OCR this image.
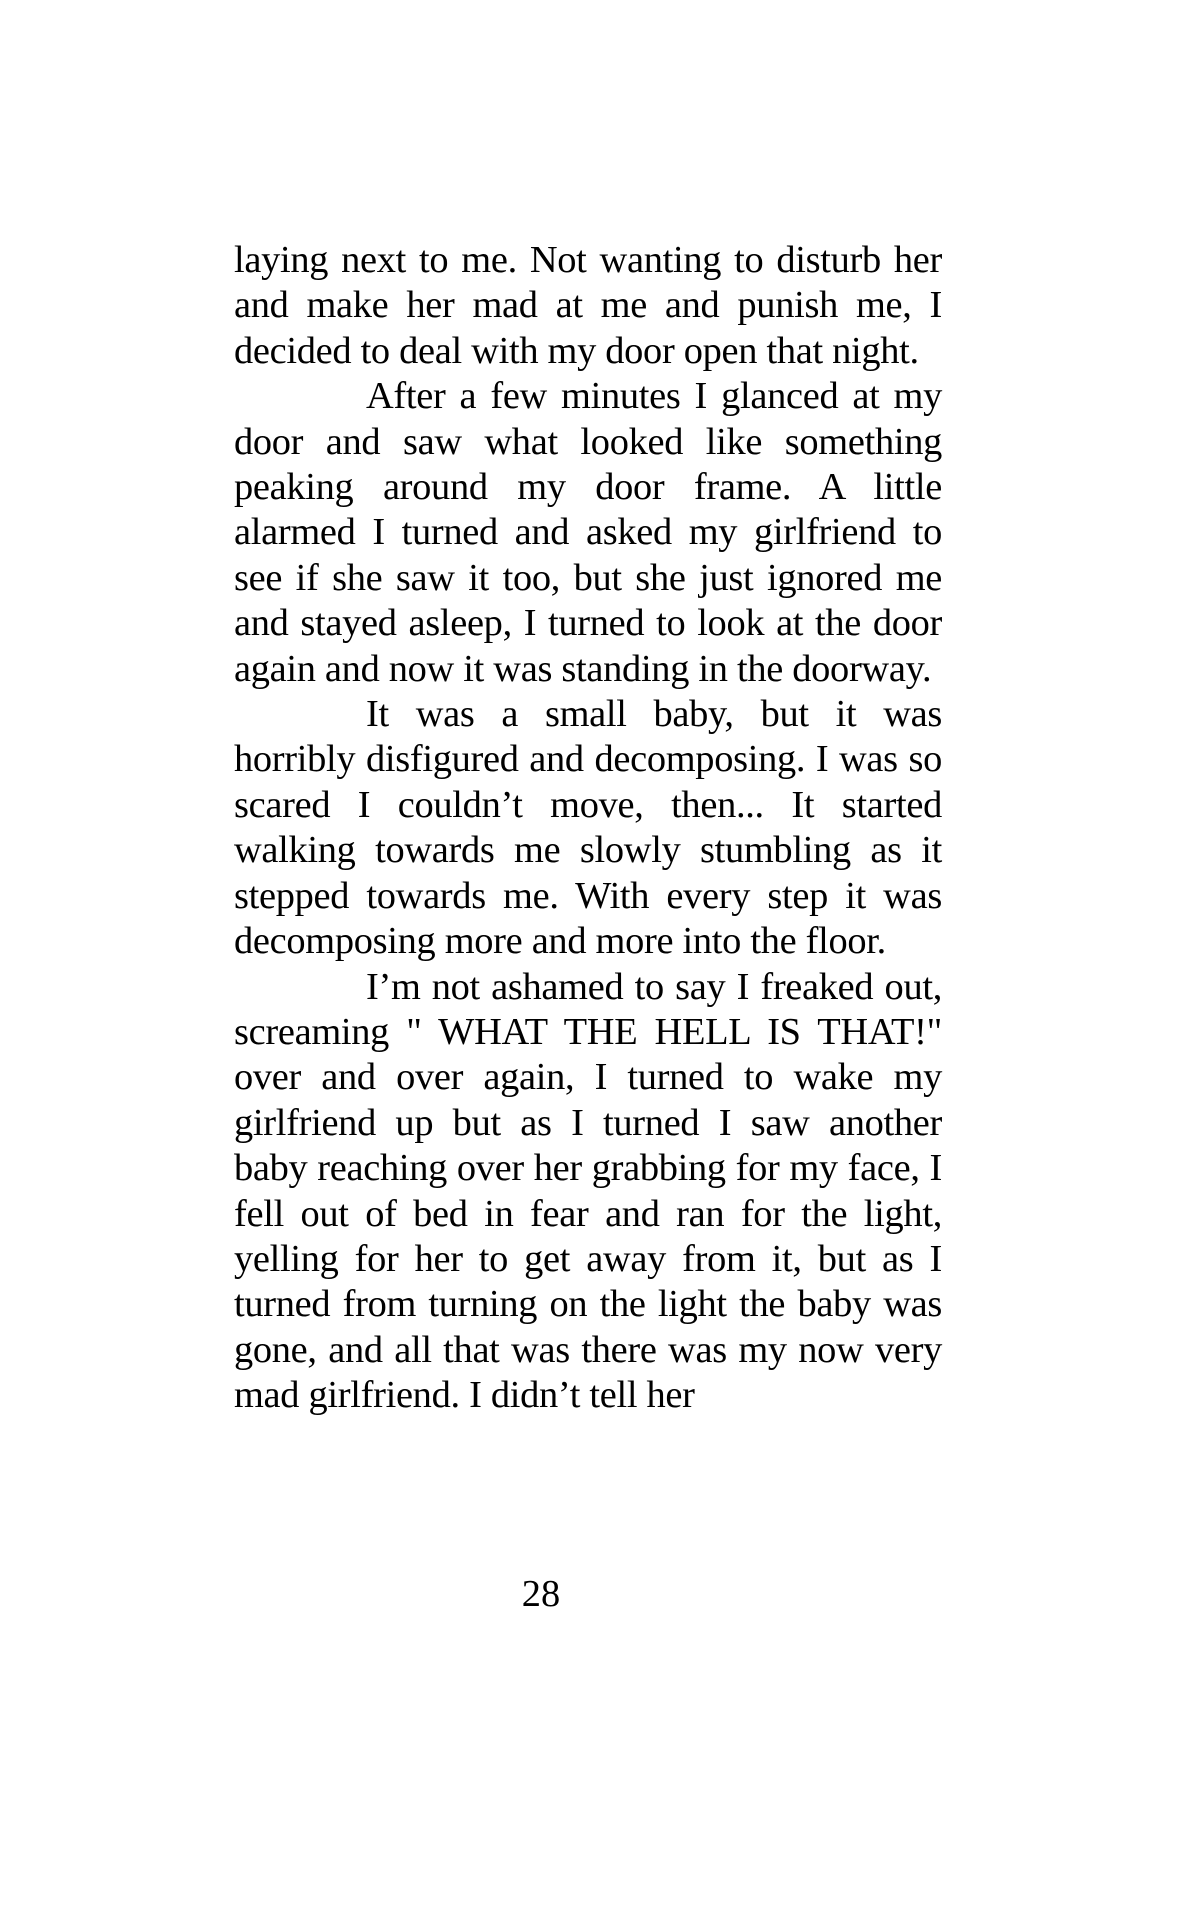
laying next to me. Not wanting to disturb her and make her mad at me and punish me, I decided to deal with my door open that night.

After a few minutes I glanced at my door and saw what looked like something peaking around my door frame. A little alarmed I turned and asked my girlfriend to see if she saw it too, but she just ignored me and stayed asleep, I turned to look at the door again and now it was standing in the doorway.

It was a small baby, but it was horribly disfigured and decomposing. I was so scared I couldn’t move, then... It started walking towards me slowly stumbling as it stepped towards me. With every step it was decomposing more and more into the floor.

I’m not ashamed to say I freaked out, screaming " WHAT THE HELL IS THAT!" over and over again, I turned to wake my girlfriend up but as I turned I saw another baby reaching over her grabbing for my face, I fell out of bed in fear and ran for the light, yelling for her to get away from it, but as I turned from turning on the light the baby was gone, and all that was there was my now very mad girlfriend. I didn’t tell her

28
